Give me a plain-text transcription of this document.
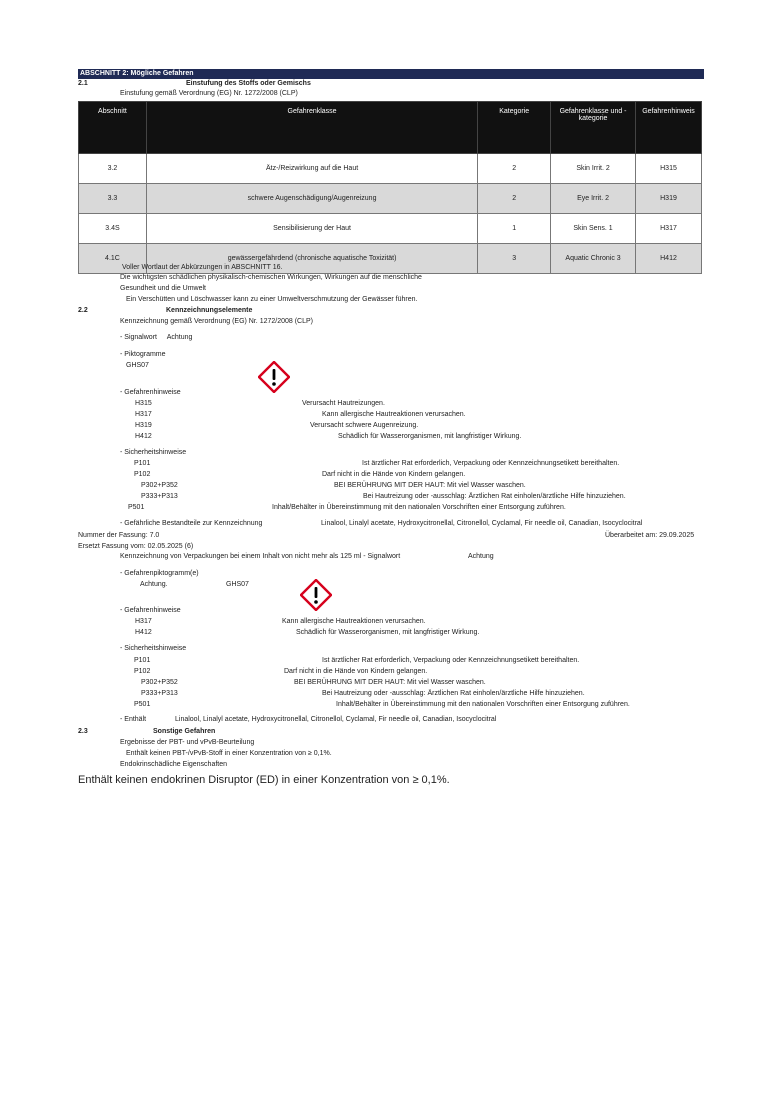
ABSCHNITT 2: Mögliche Gefahren
2.1	Einstufung des Stoffs oder Gemischs
Einstufung gemäß Verordnung (EG) Nr. 1272/2008 (CLP)
Abschnitt	Gefahrenklasse	Kategorie	Gefahrenklasse und -kategorie	Gefahrenhinweis
3.2	Ätz-/Reizwirkung auf die Haut	2	Skin Irrit. 2	H315
3.3	schwere Augenschädigung/Augenreizung	2	Eye Irrit. 2	H319
3.4S	Sensibilisierung der Haut	1	Skin Sens. 1	H317
4.1C	gewässergefährdend (chronische aquatische Toxizität)	3	Aquatic Chronic 3	H412
Voller Wortlaut der Abkürzungen in ABSCHNITT 16.
Die wichtigsten schädlichen physikalisch-chemischen Wirkungen, Wirkungen auf die menschliche
Gesundheit und die Umwelt
Ein Verschütten und Löschwasser kann zu einer Umweltverschmutzung der Gewässer führen.
2.2	Kennzeichnungselemente
Kennzeichnung gemäß Verordnung (EG) Nr. 1272/2008 (CLP)
- Signalwort Achtung
- Piktogramme
GHS07
- Gefahrenhinweise
H315	Verursacht Hautreizungen.
H317	Kann allergische Hautreaktionen verursachen.
H319	Verursacht schwere Augenreizung.
H412	Schädlich für Wasserorganismen, mit langfristiger Wirkung.
- Sicherheitshinweise
P101	Ist ärztlicher Rat erforderlich, Verpackung oder Kennzeichnungsetikett bereithalten.
P102	Darf nicht in die Hände von Kindern gelangen.
P302+P352	BEI BERÜHRUNG MIT DER HAUT: Mit viel Wasser waschen.
P333+P313	Bei Hautreizung oder -ausschlag: Ärztlichen Rat einholen/ärztliche Hilfe hinzuziehen.
P501	Inhalt/Behälter in Übereinstimmung mit den nationalen Vorschriften einer Entsorgung zuführen.
- Gefährliche Bestandteile zur Kennzeichnung	Linalool, Linalyl acetate, Hydroxycitronellal, Citronellol, Cyclamal, Fir needle oil, Canadian, Isocyclocitral
Nummer der Fassung: 7.0	Überarbeitet am: 29.09.2025
Ersetzt Fassung vom: 02.05.2025 (6)
Kennzeichnung von Verpackungen bei einem Inhalt von nicht mehr als 125 ml - Signalwort	Achtung
- Gefahrenpiktogramm(e)
Achtung.	GHS07
- Gefahrenhinweise
H317	Kann allergische Hautreaktionen verursachen.
H412	Schädlich für Wasserorganismen, mit langfristiger Wirkung.
- Sicherheitshinweise
P101	Ist ärztlicher Rat erforderlich, Verpackung oder Kennzeichnungsetikett bereithalten.
P102	Darf nicht in die Hände von Kindern gelangen.
P302+P352	BEI BERÜHRUNG MIT DER HAUT: Mit viel Wasser waschen.
P333+P313	Bei Hautreizung oder -ausschlag: Ärztlichen Rat einholen/ärztliche Hilfe hinzuziehen.
P501	Inhalt/Behälter in Übereinstimmung mit den nationalen Vorschriften einer Entsorgung zuführen.
- Enthält	Linalool, Linalyl acetate, Hydroxycitronellal, Citronellol, Cyclamal, Fir needle oil, Canadian, Isocyclocitral
2.3	Sonstige Gefahren
Ergebnisse der PBT- und vPvB-Beurteilung
Enthält keinen PBT-/vPvB-Stoff in einer Konzentration von ≥ 0,1%.
Endokrinschädliche Eigenschaften
Enthält keinen endokrinen Disruptor (ED) in einer Konzentration von ≥ 0,1%.
